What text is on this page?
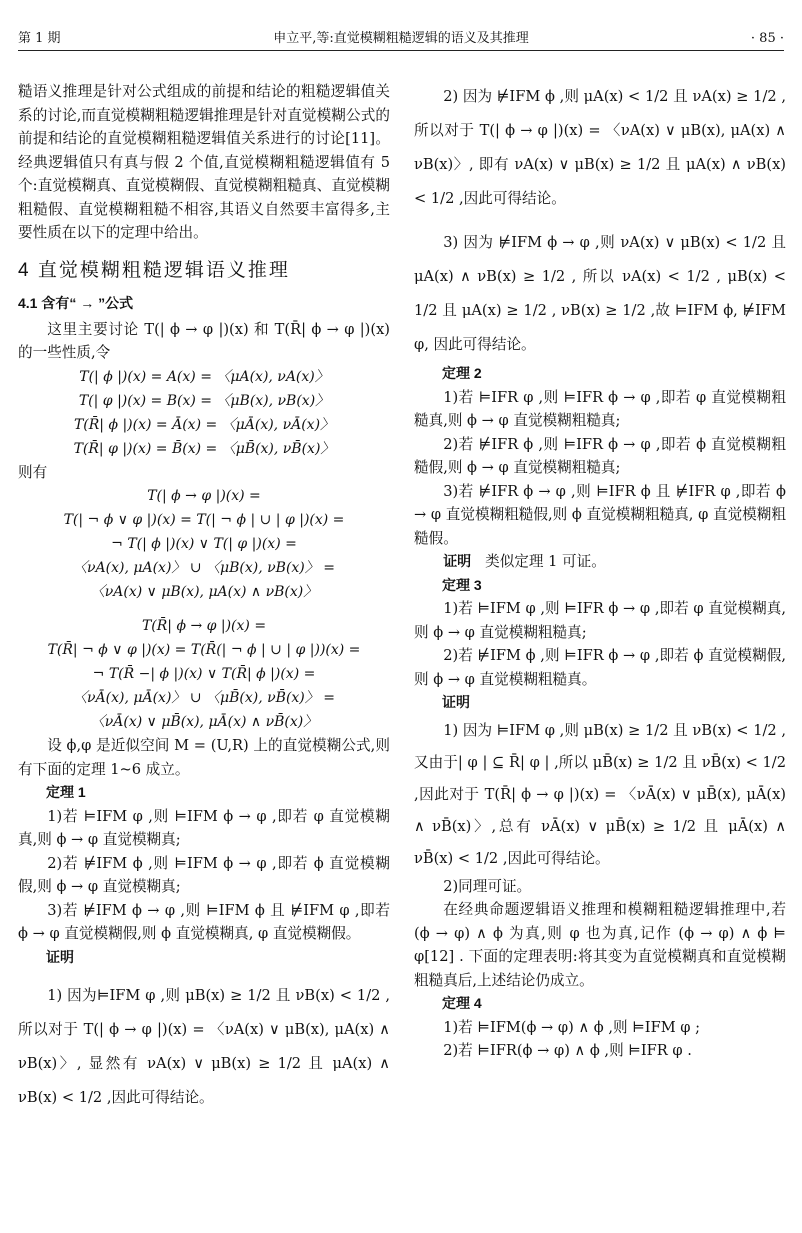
第 1 期	申立平,等:直觉模糊粗糙逻辑的语义及其推理	· 85 ·

糙语义推理是针对公式组成的前提和结论的粗糙逻辑值关系的讨论,而直觉模糊粗糙逻辑推理是针对直觉模糊公式的前提和结论的直觉模糊粗糙逻辑值关系进行的讨论[11]。经典逻辑值只有真与假 2 个值,直觉模糊粗糙逻辑值有 5 个:直觉模糊真、直觉模糊假、直觉模糊粗糙真、直觉模糊粗糙假、直觉模糊粗糙不相容,其语义自然要丰富得多,主要性质在以下的定理中给出。

4 直觉模糊粗糙逻辑语义推理

4.1 含有“ → ”公式

这里主要讨论 T(| ϕ → φ |)(x) 和 T(R̄| ϕ → φ |)(x) 的一些性质,令

T(| ϕ |)(x) = A(x) = 〈μA(x), νA(x)〉

T(| φ |)(x) = B(x) = 〈μB(x), νB(x)〉

T(R̄| ϕ |)(x) = Ā(x) = 〈μĀ(x), νĀ(x)〉

T(R̄| φ |)(x) = B̄(x) = 〈μB̄(x), νB̄(x)〉

则有

T(| ϕ → φ |)(x) =

T(| ¬ ϕ ∨ φ |)(x) = T(| ¬ ϕ | ∪ | φ |)(x) =

¬ T(| ϕ |)(x) ∨ T(| φ |)(x) =

〈νA(x), μA(x)〉 ∪ 〈μB(x), νB(x)〉 =

〈νA(x) ∨ μB(x), μA(x) ∧ νB(x)〉

T(R̄| ϕ → φ |)(x) =

T(R̄| ¬ ϕ ∨ φ |)(x) = T(R̄(| ¬ ϕ | ∪ | φ |))(x) =

¬ T(R̄ −| ϕ |)(x) ∨ T(R̄| ϕ |)(x) =

〈νĀ(x), μĀ(x)〉 ∪ 〈μB̄(x), νB̄(x)〉 =

〈νĀ(x) ∨ μB̄(x), μĀ(x) ∧ νB̄(x)〉

设 ϕ,φ 是近似空间 M = (U,R) 上的直觉模糊公式,则有下面的定理 1~6 成立。

定理 1

1)若 ⊨IFM φ ,则 ⊨IFM ϕ → φ ,即若 φ 直觉模糊真,则 ϕ → φ 直觉模糊真;

2)若 ⊭IFM ϕ ,则 ⊨IFM ϕ → φ ,即若 ϕ 直觉模糊假,则 ϕ → φ 直觉模糊真;

3)若 ⊭IFM ϕ → φ ,则 ⊨IFM ϕ 且 ⊭IFM φ ,即若 ϕ → φ 直觉模糊假,则 ϕ 直觉模糊真, φ 直觉模糊假。

证明

1) 因为⊨IFM φ ,则 μB(x) ≥ 1/2 且 νB(x) < 1/2 ,所以对于 T(| ϕ → φ |)(x) = 〈νA(x) ∨ μB(x), μA(x) ∧ νB(x)〉, 显然有 νA(x) ∨ μB(x) ≥ 1/2 且 μA(x) ∧ νB(x) < 1/2 ,因此可得结论。

2) 因为 ⊭IFM ϕ ,则 μA(x) < 1/2 且 νA(x) ≥ 1/2 ,所以对于 T(| ϕ → φ |)(x) = 〈νA(x) ∨ μB(x), μA(x) ∧ νB(x)〉, 即有 νA(x) ∨ μB(x) ≥ 1/2 且 μA(x) ∧ νB(x) < 1/2 ,因此可得结论。

3) 因为 ⊭IFM ϕ → φ ,则 νA(x) ∨ μB(x) < 1/2 且 μA(x) ∧ νB(x) ≥ 1/2 , 所以 νA(x) < 1/2 , μB(x) < 1/2 且 μA(x) ≥ 1/2 , νB(x) ≥ 1/2 ,故 ⊨IFM ϕ, ⊭IFM φ, 因此可得结论。

定理 2

1)若 ⊨IFR φ ,则 ⊨IFR ϕ → φ ,即若 φ 直觉模糊粗糙真,则 ϕ → φ 直觉模糊粗糙真;

2)若 ⊭IFR ϕ ,则 ⊨IFR ϕ → φ ,即若 ϕ 直觉模糊粗糙假,则 ϕ → φ 直觉模糊粗糙真;

3)若 ⊭IFR ϕ → φ ,则 ⊨IFR ϕ 且 ⊭IFR φ ,即若 ϕ → φ 直觉模糊粗糙假,则 ϕ 直觉模糊粗糙真, φ 直觉模糊粗糙假。

证明 类似定理 1 可证。

定理 3

1)若 ⊨IFM φ ,则 ⊨IFR ϕ → φ ,即若 φ 直觉模糊真,则 ϕ → φ 直觉模糊粗糙真;

2)若 ⊭IFM ϕ ,则 ⊨IFR ϕ → φ ,即若 ϕ 直觉模糊假,则 ϕ → φ 直觉模糊粗糙真。

证明

1) 因为 ⊨IFM φ ,则 μB(x) ≥ 1/2 且 νB(x) < 1/2 , 又由于| φ | ⊆ R̄| φ | ,所以 μB̄(x) ≥ 1/2 且 νB̄(x) < 1/2 ,因此对于 T(R̄| ϕ → φ |)(x) = 〈νĀ(x) ∨ μB̄(x), μĀ(x) ∧ νB̄(x)〉,总有 νĀ(x) ∨ μB̄(x) ≥ 1/2 且 μĀ(x) ∧ νB̄(x) < 1/2 ,因此可得结论。

2)同理可证。

在经典命题逻辑语义推理和模糊粗糙逻辑推理中,若 (ϕ → φ) ∧ ϕ 为真,则 φ 也为真,记作 (ϕ → φ) ∧ ϕ ⊨ φ[12] . 下面的定理表明:将其变为直觉模糊真和直觉模糊粗糙真后,上述结论仍成立。

定理 4

1)若 ⊨IFM(ϕ → φ) ∧ ϕ ,则 ⊨IFM φ ;

2)若 ⊨IFR(ϕ → φ) ∧ ϕ ,则 ⊨IFR φ .
